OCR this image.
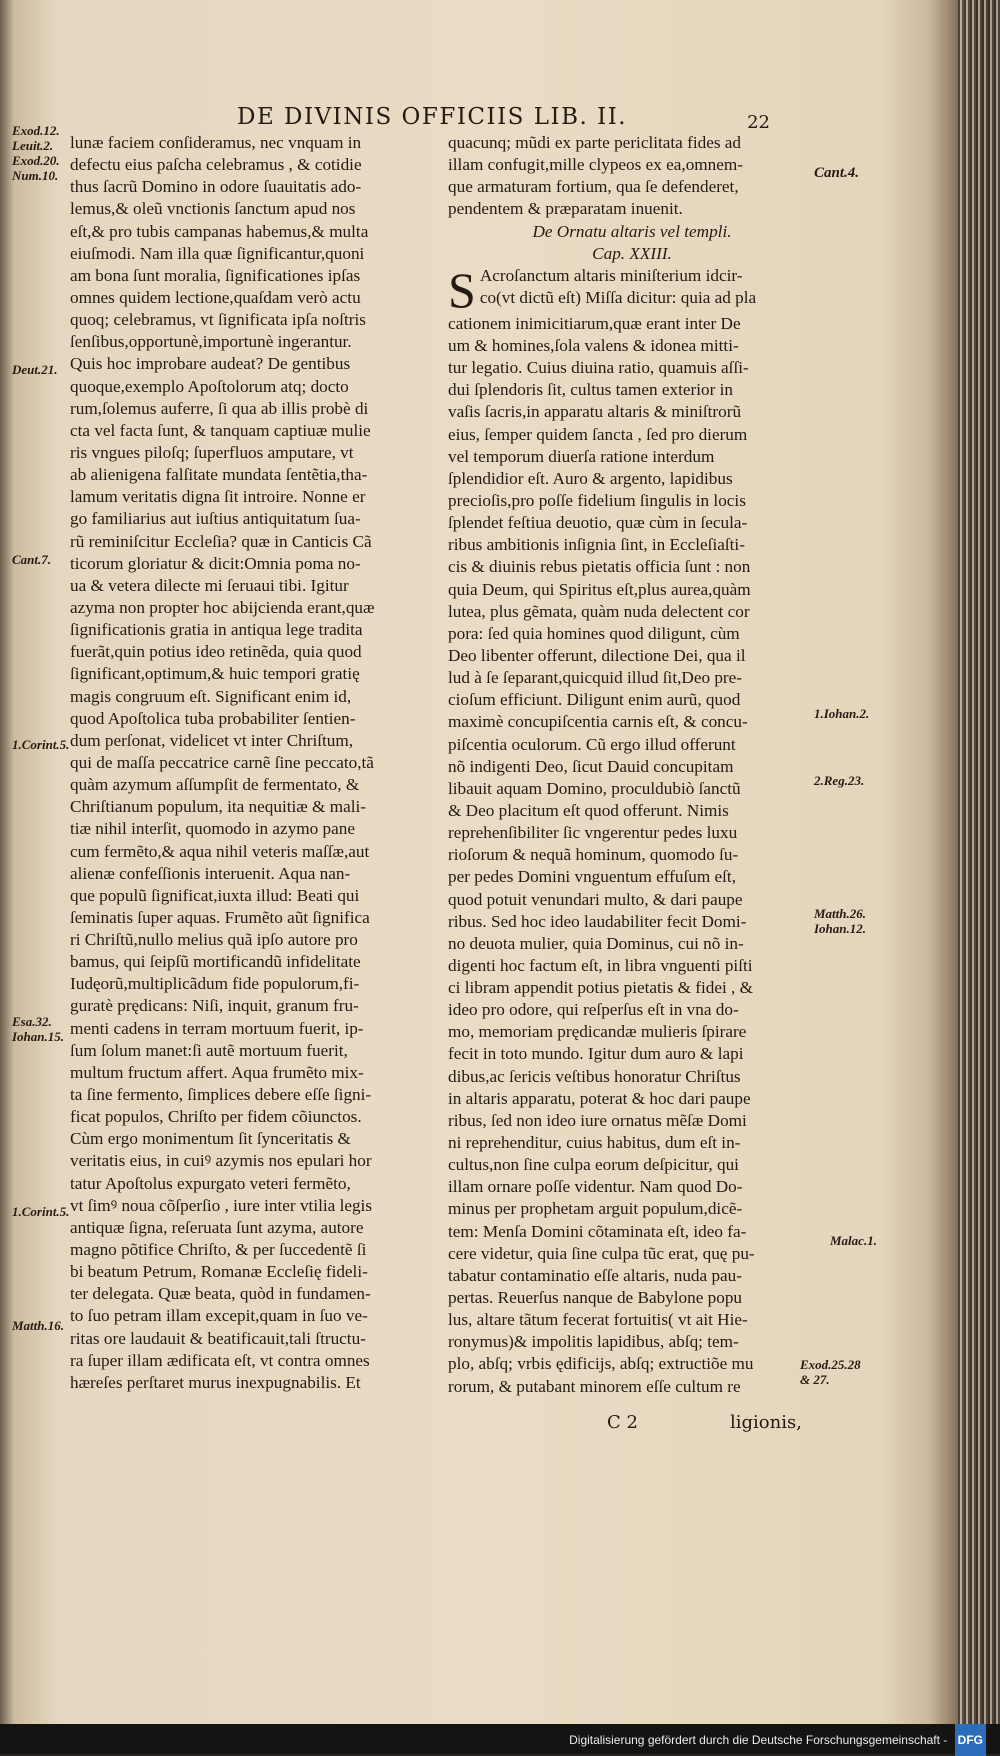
DE DIVINIS OFFICIIS LIB. II.	22
Exod.12.
Leuit.2.
Exod.20.
Num.10.
Deut.21.
Cant.7.
1.Corint.5.
Esa.32.
Iohan.15.
1.Corint.5.
Matth.16.
Cant.4.
1.Iohan.2.
2.Reg.23.
Matth.26.
Iohan.12.
Malac.1.
Exod.25.28
& 27.
lunæ faciem conſideramus, nec vnquam in
defectu eius paſcha celebramus , & cotidie
thus ſacrũ Domino in odore ſuauitatis ado-
lemus,& oleũ vnctionis ſanctum apud nos
eſt,& pro tubis campanas habemus,& multa
eiuſmodi. Nam illa quæ ſignificantur,quoni
am bona ſunt moralia, ſignificationes ipſas
omnes quidem lectione,quaſdam verò actu
quoq; celebramus, vt ſignificata ipſa noſtris
ſenſibus,opportunè,importunè ingerantur.
Quis hoc improbare audeat? De gentibus
quoque,exemplo Apoſtolorum atq; docto
rum,ſolemus auferre, ſi qua ab illis probè di
cta vel facta ſunt, & tanquam captiuæ mulie
ris vngues piloſq; ſuperfluos amputare, vt
ab alienigena falſitate mundata ſentẽtia,tha-
lamum veritatis digna ſit introire. Nonne er
go familiarius aut iuſtius antiquitatum ſua-
rũ reminiſcitur Eccleſia? quæ in Canticis Cã
ticorum gloriatur & dicit:Omnia poma no-
ua & vetera dilecte mi ſeruaui tibi. Igitur
azyma non propter hoc abijcienda erant,quæ
ſignificationis gratia in antiqua lege tradita
fuerãt,quin potius ideo retinẽda, quia quod
ſignificant,optimum,& huic tempori gratię
magis congruum eſt. Significant enim id,
quod Apoſtolica tuba probabiliter ſentien-
dum perſonat, videlicet vt inter Chriſtum,
qui de maſſa peccatrice carnẽ ſine peccato,tã
quàm azymum aſſumpſit de fermentato, &
Chriſtianum populum, ita nequitiæ & mali-
tiæ nihil interſit, quomodo in azymo pane
cum fermẽto,& aqua nihil veteris maſſæ,aut
alienæ confeſſionis interuenit. Aqua nan-
que populũ ſignificat,iuxta illud: Beati qui
ſeminatis ſuper aquas. Frumẽto aũt ſignifica
ri Chriſtũ,nullo melius quã ipſo autore pro
bamus, qui ſeipſũ mortificandũ infidelitate
Iudęorũ,multiplicãdum fide populorum,fi-
guratè prędicans: Niſi, inquit, granum fru-
menti cadens in terram mortuum fuerit, ip-
ſum ſolum manet:ſi autẽ mortuum fuerit,
multum fructum affert. Aqua frumẽto mix-
ta ſine fermento, ſimplices debere eſſe ſigni-
ficat populos, Chriſto per fidem cõiunctos.
Cùm ergo monimentum ſit ſynceritatis &
veritatis eius, in cuiꝰ azymis nos epulari hor
tatur Apoſtolus expurgato veteri fermẽto,
vt ſimꝰ noua cõſperſio , iure inter vtilia legis
antiquæ ſigna, reſeruata ſunt azyma, autore
magno põtifice Chriſto, & per ſuccedentẽ ſi
bi beatum Petrum, Romanæ Eccleſię fideli-
ter delegata. Quæ beata, quòd in fundamen-
to ſuo petram illam excepit,quam in ſuo ve-
ritas ore laudauit & beatificauit,tali ſtructu-
ra ſuper illam ædificata eſt, vt contra omnes
hæreſes perſtaret murus inexpugnabilis. Et
quacunq; mũdi ex parte periclitata fides ad
illam confugit,mille clypeos ex ea,omnem-
que armaturam fortium, qua ſe defenderet,
pendentem & præparatam inuenit.
De Ornatu altaris vel templi.
Cap. XXIII.
S Acroſanctum altaris miniſterium idcir-
co(vt dictũ eſt) Miſſa dicitur: quia ad pla
cationem inimicitiarum,quæ erant inter De
um & homines,ſola valens & idonea mitti-
tur legatio. Cuius diuina ratio, quamuis aſſi-
dui ſplendoris ſit, cultus tamen exterior in
vaſis ſacris,in apparatu altaris & miniſtrorũ
eius, ſemper quidem ſancta , ſed pro dierum
vel temporum diuerſa ratione interdum
ſplendidior eſt. Auro & argento, lapidibus
precioſis,pro poſſe fidelium ſingulis in locis
ſplendet feſtiua deuotio, quæ cùm in ſecula-
ribus ambitionis inſignia ſint, in Eccleſiaſti-
cis & diuinis rebus pietatis officia ſunt : non
quia Deum, qui Spiritus eſt,plus aurea,quàm
lutea, plus gẽmata, quàm nuda delectent cor
pora: ſed quia homines quod diligunt, cùm
Deo libenter offerunt, dilectione Dei, qua il
lud à ſe ſeparant,quicquid illud ſit,Deo pre-
cioſum efficiunt. Diligunt enim aurũ, quod
maximè concupiſcentia carnis eſt, & concu-
piſcentia oculorum. Cũ ergo illud offerunt
nõ indigenti Deo, ſicut Dauid concupitam
libauit aquam Domino, proculdubiò ſanctũ
& Deo placitum eſt quod offerunt. Nimis
reprehenſibiliter ſic vngerentur pedes luxu
rioſorum & nequã hominum, quomodo ſu-
per pedes Domini vnguentum effuſum eſt,
quod potuit venundari multo, & dari paupe
ribus. Sed hoc ideo laudabiliter fecit Domi-
no deuota mulier, quia Dominus, cui nõ in-
digenti hoc factum eſt, in libra vnguenti piſti
ci libram appendit potius pietatis & fidei , &
ideo pro odore, qui reſperſus eſt in vna do-
mo, memoriam prędicandæ mulieris ſpirare
fecit in toto mundo. Igitur dum auro & lapi
dibus,ac ſericis veſtibus honoratur Chriſtus
in altaris apparatu, poterat & hoc dari paupe
ribus, ſed non ideo iure ornatus mẽſæ Domi
ni reprehenditur, cuius habitus, dum eſt in-
cultus,non ſine culpa eorum deſpicitur, qui
illam ornare poſſe videntur. Nam quod Do-
minus per prophetam arguit populum,dicẽ-
tem: Menſa Domini cõtaminata eſt, ideo fa-
cere videtur, quia ſine culpa tũc erat, quę pu-
tabatur contaminatio eſſe altaris, nuda pau-
pertas. Reuerſus nanque de Babylone popu
lus, altare tãtum fecerat fortuitis( vt ait Hie-
ronymus)& impolitis lapidibus, abſq; tem-
plo, abſq; vrbis ędificijs, abſq; extructiõe mu
rorum, & putabant minorem eſſe cultum re
C 2	ligionis,
Digitalisierung gefördert durch die Deutsche Forschungsgemeinschaft - DFG
